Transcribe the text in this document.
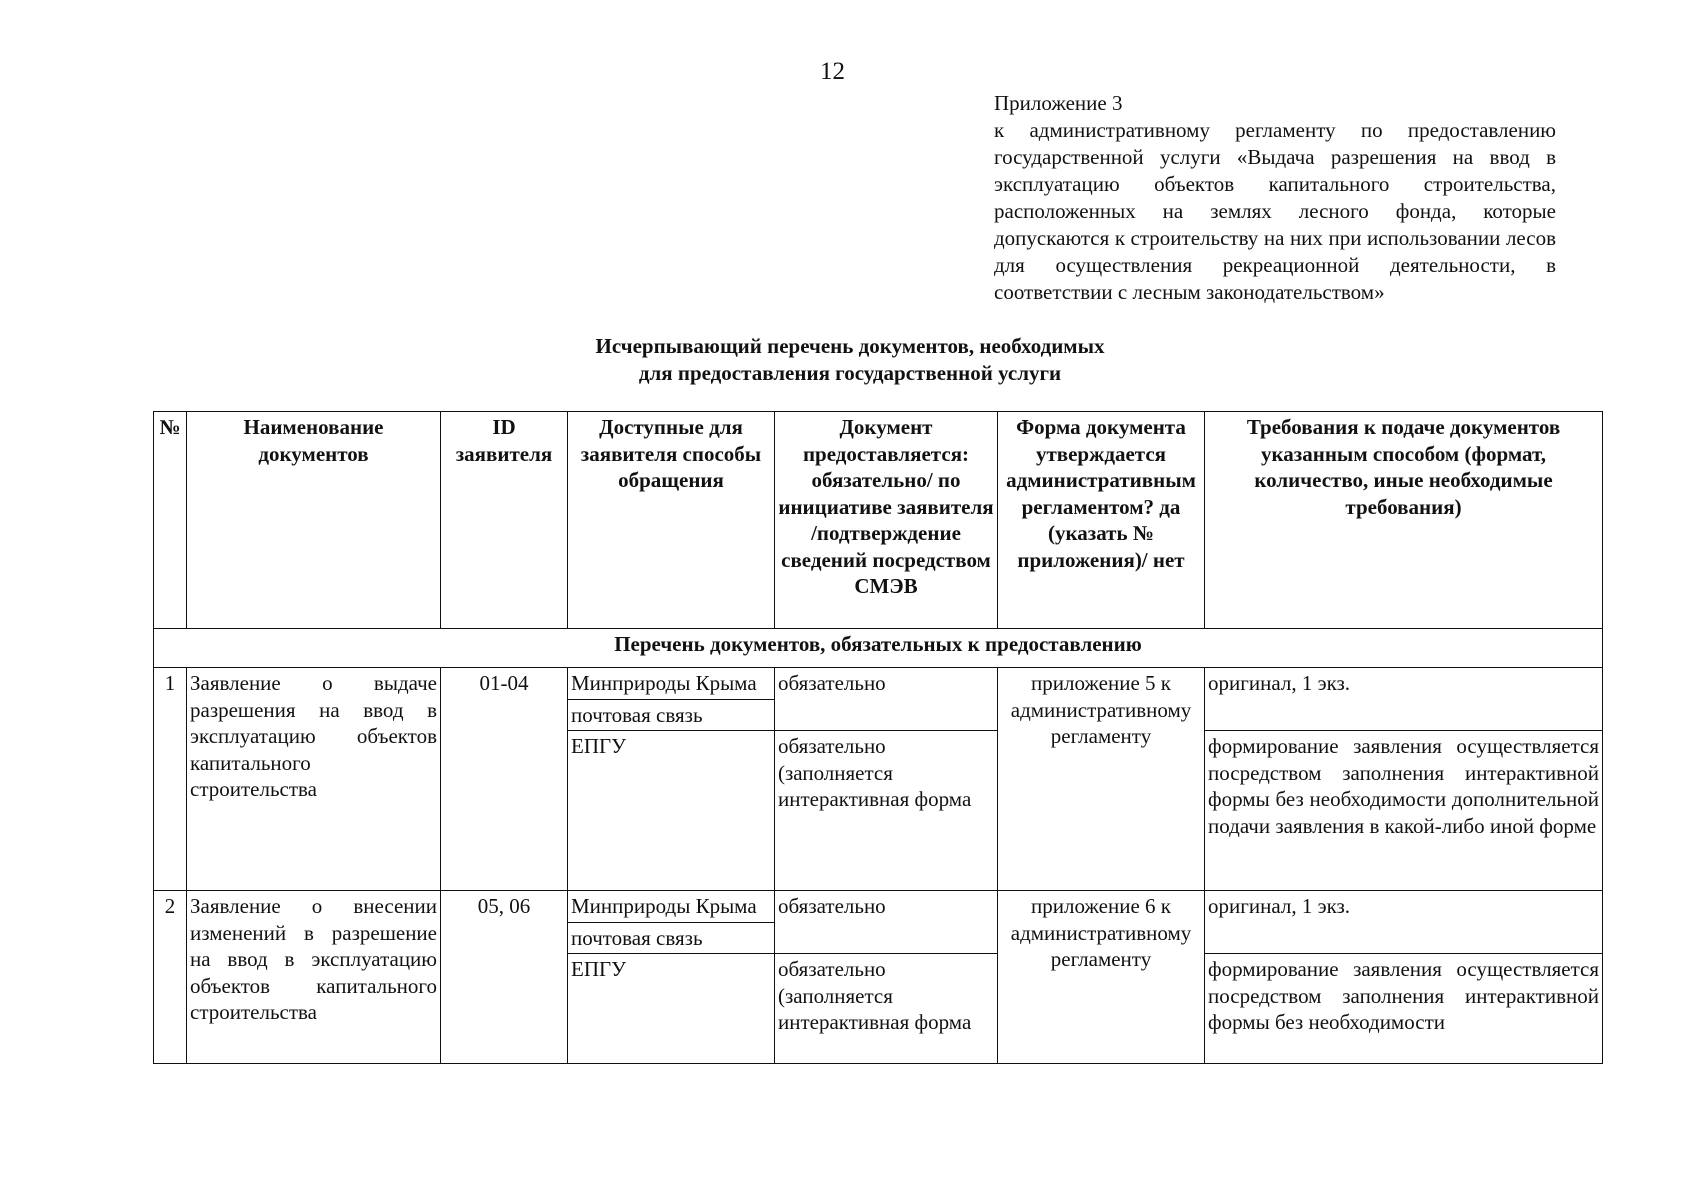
12
Приложение 3
к административному регламенту по предоставлению государственной услуги «Выдача разрешения на ввод в эксплуатацию объектов капитального строительства, расположенных на землях лесного фонда, которые допускаются к строительству на них при использовании лесов для осуществления рекреационной деятельности, в соответствии с лесным законодательством»
Исчерпывающий перечень документов, необходимых
для предоставления государственной услуги
№	Наименование документов	ID заявителя	Доступные для заявителя способы обращения	Документ предоставляется: обязательно/ по инициативе заявителя /подтверждение сведений посредством СМЭВ	Форма документа утверждается административным регламентом? да (указать № приложения)/ нет	Требования к подаче документов указанным способом (формат, количество, иные необходимые требования)
Перечень документов, обязательных к предоставлению						
1	Заявление о выдаче разрешения на ввод в эксплуатацию объектов капитального строительства	01-04	Минприроды Крыма	обязательно	приложение 5 к административному регламенту	оригинал, 1 экз.
			почтовая связь			
			ЕПГУ	обязательно (заполняется интерактивная форма		формирование заявления осуществляется посредством заполнения интерактивной формы без необходимости дополнительной подачи заявления в какой-либо иной форме
2	Заявление о внесении изменений в разрешение на ввод в эксплуатацию объектов капитального строительства	05, 06	Минприроды Крыма	обязательно	приложение 6 к административному регламенту	оригинал, 1 экз.
			почтовая связь			
			ЕПГУ	обязательно (заполняется интерактивная форма		формирование заявления осуществляется посредством заполнения интерактивной формы без необходимости
